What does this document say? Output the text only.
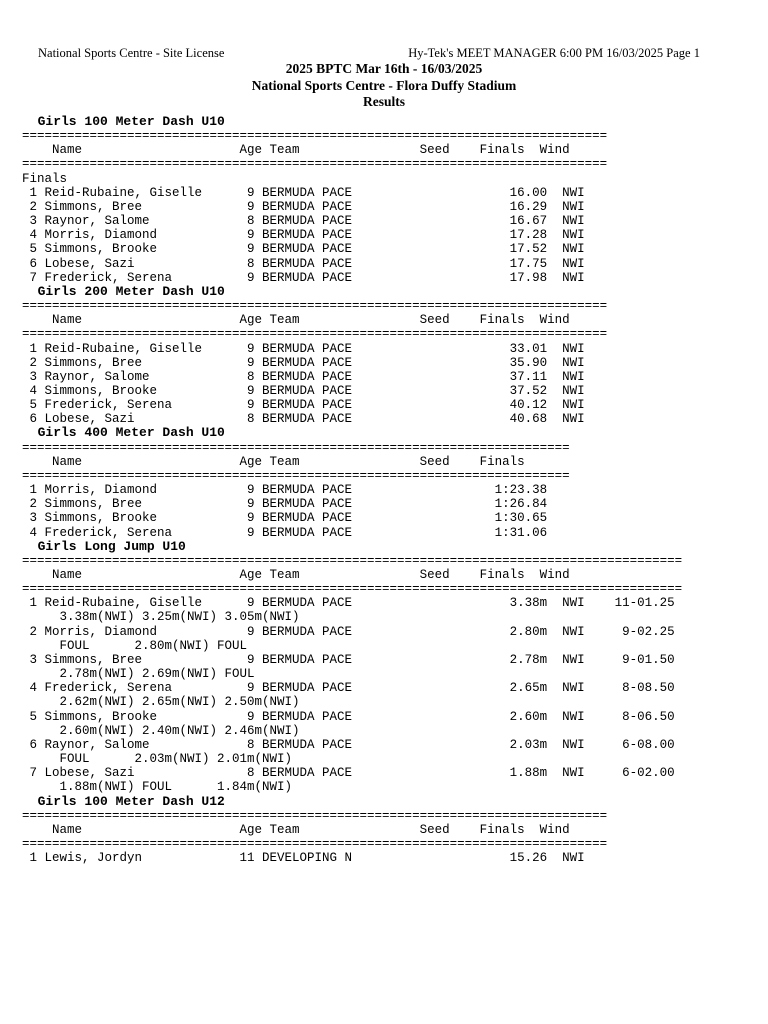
National Sports Centre - Site License	Hy-Tek's MEET MANAGER 6:00 PM 16/03/2025 Page 1
2025 BPTC Mar 16th - 16/03/2025
National Sports Centre - Flora Duffy Stadium
Results
Girls 100 Meter Dash U10
==============================================================================
Name                     Age Team                Seed    Finals  Wind
==============================================================================
Finals
1 Reid-Rubaine, Giselle      9 BERMUDA PACE                     16.00  NWI
2 Simmons, Bree              9 BERMUDA PACE                     16.29  NWI
3 Raynor, Salome             8 BERMUDA PACE                     16.67  NWI
4 Morris, Diamond            9 BERMUDA PACE                     17.28  NWI
5 Simmons, Brooke            9 BERMUDA PACE                     17.52  NWI
6 Lobese, Sazi               8 BERMUDA PACE                     17.75  NWI
7 Frederick, Serena          9 BERMUDA PACE                     17.98  NWI
Girls 200 Meter Dash U10
==============================================================================
Name                     Age Team                Seed    Finals  Wind
==============================================================================
1 Reid-Rubaine, Giselle      9 BERMUDA PACE                     33.01  NWI
2 Simmons, Bree              9 BERMUDA PACE                     35.90  NWI
3 Raynor, Salome             8 BERMUDA PACE                     37.11  NWI
4 Simmons, Brooke            9 BERMUDA PACE                     37.52  NWI
5 Frederick, Serena          9 BERMUDA PACE                     40.12  NWI
6 Lobese, Sazi               8 BERMUDA PACE                     40.68  NWI
Girls 400 Meter Dash U10
=========================================================================
Name                     Age Team                Seed    Finals
=========================================================================
1 Morris, Diamond            9 BERMUDA PACE                   1:23.38
2 Simmons, Bree              9 BERMUDA PACE                   1:26.84
3 Simmons, Brooke            9 BERMUDA PACE                   1:30.65
4 Frederick, Serena          9 BERMUDA PACE                   1:31.06
Girls Long Jump U10
========================================================================================
Name                     Age Team                Seed    Finals  Wind
========================================================================================
1 Reid-Rubaine, Giselle      9 BERMUDA PACE                     3.38m  NWI    11-01.25
3.38m(NWI) 3.25m(NWI) 3.05m(NWI)
2 Morris, Diamond            9 BERMUDA PACE                     2.80m  NWI     9-02.25
FOUL      2.80m(NWI) FOUL
3 Simmons, Bree              9 BERMUDA PACE                     2.78m  NWI     9-01.50
2.78m(NWI) 2.69m(NWI) FOUL
4 Frederick, Serena          9 BERMUDA PACE                     2.65m  NWI     8-08.50
2.62m(NWI) 2.65m(NWI) 2.50m(NWI)
5 Simmons, Brooke            9 BERMUDA PACE                     2.60m  NWI     8-06.50
2.60m(NWI) 2.40m(NWI) 2.46m(NWI)
6 Raynor, Salome             8 BERMUDA PACE                     2.03m  NWI     6-08.00
FOUL      2.03m(NWI) 2.01m(NWI)
7 Lobese, Sazi               8 BERMUDA PACE                     1.88m  NWI     6-02.00
1.88m(NWI) FOUL      1.84m(NWI)
Girls 100 Meter Dash U12
==============================================================================
Name                     Age Team                Seed    Finals  Wind
==============================================================================
1 Lewis, Jordyn             11 DEVELOPING N                     15.26  NWI
